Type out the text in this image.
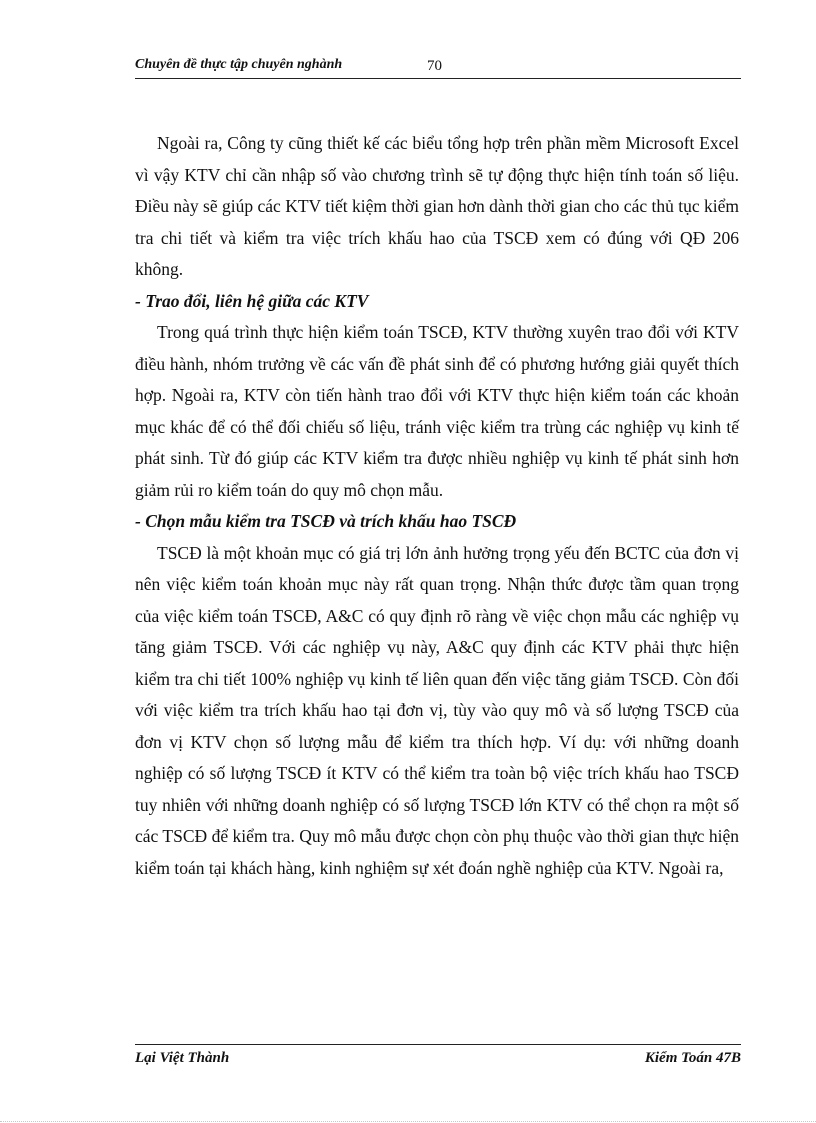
Chuyên đề thực tập chuyên nghành	70

Ngoài ra, Công ty cũng thiết kế các biểu tổng hợp trên phần mềm Microsoft Excel vì vậy KTV chỉ cần nhập số vào chương trình sẽ tự động thực hiện tính toán số liệu. Điều này sẽ giúp các KTV tiết kiệm thời gian hơn dành thời gian cho các thủ tục kiểm tra chi tiết và kiểm tra việc trích khấu hao của TSCĐ xem có đúng với QĐ 206 không.

- Trao đổi, liên hệ giữa các KTV

Trong quá trình thực hiện kiểm toán TSCĐ, KTV thường xuyên trao đổi với KTV điều hành, nhóm trưởng về các vấn đề phát sinh để có phương hướng giải quyết thích hợp. Ngoài ra, KTV còn tiến hành trao đổi với KTV thực hiện kiểm toán các khoản mục khác để có thể đối chiếu số liệu, tránh việc kiểm tra trùng các nghiệp vụ kinh tế phát sinh. Từ đó giúp các KTV kiểm tra được nhiều nghiệp vụ kinh tế phát sinh hơn giảm rủi ro kiểm toán do quy mô chọn mẫu.

- Chọn mẫu kiểm tra TSCĐ và trích khấu hao TSCĐ

TSCĐ là một khoản mục có giá trị lớn ảnh hưởng trọng yếu đến BCTC của đơn vị nên việc kiểm toán khoản mục này rất quan trọng. Nhận thức được tầm quan trọng của việc kiểm toán TSCĐ, A&C có quy định rõ ràng về việc chọn mẫu các nghiệp vụ tăng giảm TSCĐ. Với các nghiệp vụ này, A&C quy định các KTV phải thực hiện kiểm tra chi tiết 100% nghiệp vụ kinh tế liên quan đến việc tăng giảm TSCĐ. Còn đối với việc kiểm tra trích khấu hao tại đơn vị, tùy vào quy mô và số lượng TSCĐ của đơn vị KTV chọn số lượng mẫu để kiểm tra thích hợp. Ví dụ: với những doanh nghiệp có số lượng TSCĐ ít KTV có thể kiểm tra toàn bộ việc trích khấu hao TSCĐ tuy nhiên với những doanh nghiệp có số lượng TSCĐ lớn KTV có thể chọn ra một số các TSCĐ để kiểm tra. Quy mô mẫu được chọn còn phụ thuộc vào thời gian thực hiện kiểm toán tại khách hàng, kinh nghiệm sự xét đoán nghề nghiệp của KTV. Ngoài ra,

Lại Việt Thành	Kiểm Toán 47B
